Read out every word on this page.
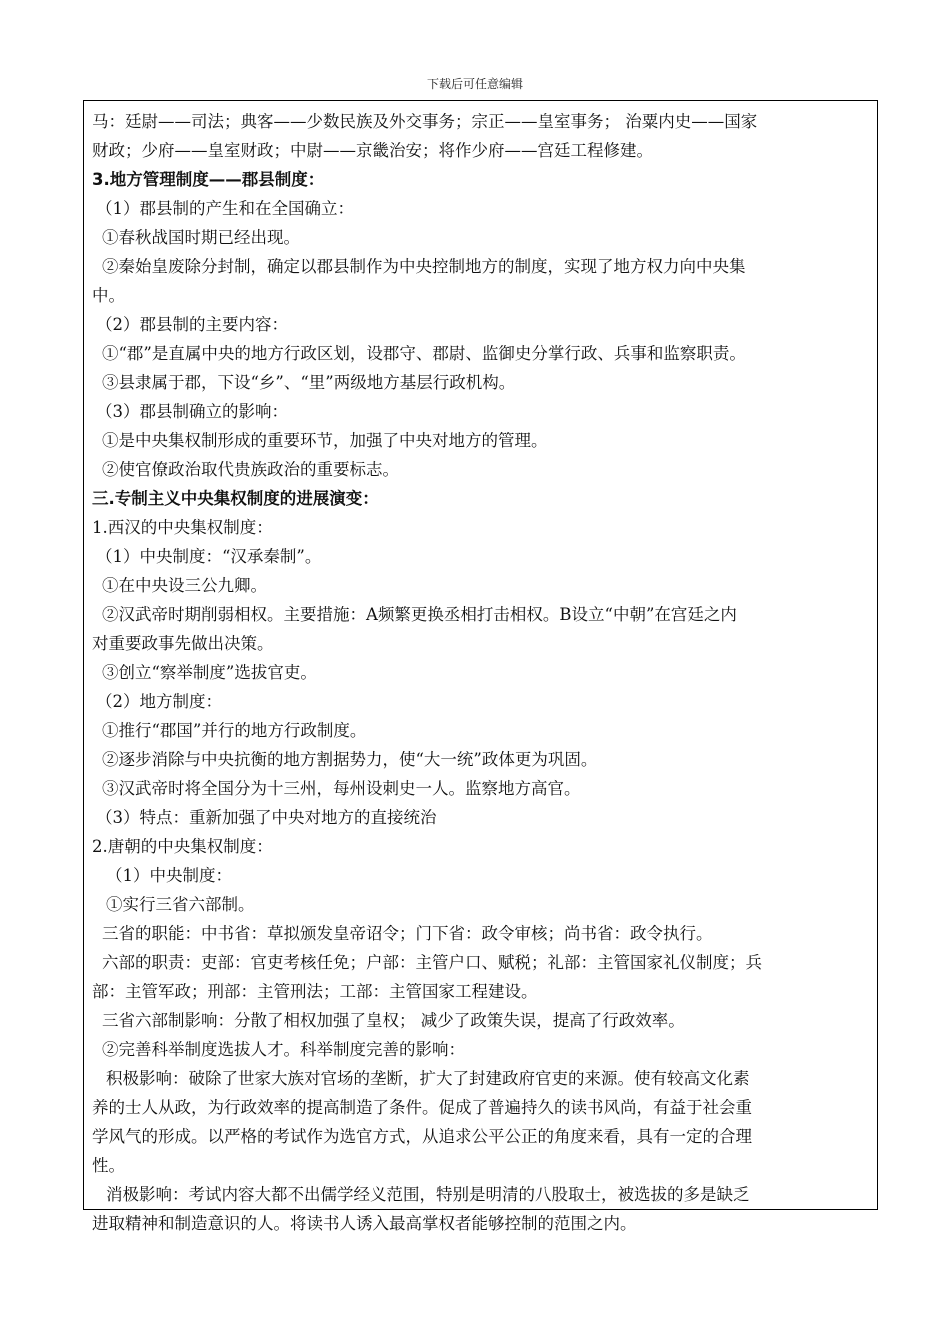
下载后可任意编辑
马：廷尉——司法；典客——少数民族及外交事务；宗正——皇室事务； 治粟内史——国家
财政；少府——皇室财政；中尉——京畿治安；将作少府——宫廷工程修建。
3.地方管理制度——郡县制度：
（1）郡县制的产生和在全国确立：
①春秋战国时期已经出现。
②秦始皇废除分封制，确定以郡县制作为中央控制地方的制度，实现了地方权力向中央集
中。
（2）郡县制的主要内容：
①“郡”是直属中央的地方行政区划，设郡守、郡尉、监御史分掌行政、兵事和监察职责。
③县隶属于郡，下设“乡”、“里”两级地方基层行政机构。
（3）郡县制确立的影响：
①是中央集权制形成的重要环节，加强了中央对地方的管理。
②使官僚政治取代贵族政治的重要标志。
三.专制主义中央集权制度的进展演变：
1.西汉的中央集权制度：
（1）中央制度：“汉承秦制”。
①在中央设三公九卿。
②汉武帝时期削弱相权。主要措施：A频繁更换丞相打击相权。B设立“中朝”在宫廷之内
对重要政事先做出决策。
③创立“察举制度”选拔官吏。
（2）地方制度：
①推行“郡国”并行的地方行政制度。
②逐步消除与中央抗衡的地方割据势力，使“大一统”政体更为巩固。
③汉武帝时将全国分为十三州，每州设刺史一人。监察地方高官。
（3）特点：重新加强了中央对地方的直接统治
2.唐朝的中央集权制度：
（1）中央制度：
①实行三省六部制。
三省的职能：中书省：草拟颁发皇帝诏令；门下省：政令审核；尚书省：政令执行。
六部的职责：吏部：官吏考核任免；户部：主管户口、赋税；礼部：主管国家礼仪制度；兵
部：主管军政；刑部：主管刑法；工部：主管国家工程建设。
三省六部制影响：分散了相权加强了皇权； 减少了政策失误，提高了行政效率。
②完善科举制度选拔人才。科举制度完善的影响：
积极影响：破除了世家大族对官场的垄断，扩大了封建政府官吏的来源。使有较高文化素
养的士人从政，为行政效率的提高制造了条件。促成了普遍持久的读书风尚，有益于社会重
学风气的形成。以严格的考试作为选官方式，从追求公平公正的角度来看，具有一定的合理
性。
消极影响：考试内容大都不出儒学经义范围，特别是明清的八股取士，被选拔的多是缺乏
进取精神和制造意识的人。将读书人诱入最高掌权者能够控制的范围之内。
